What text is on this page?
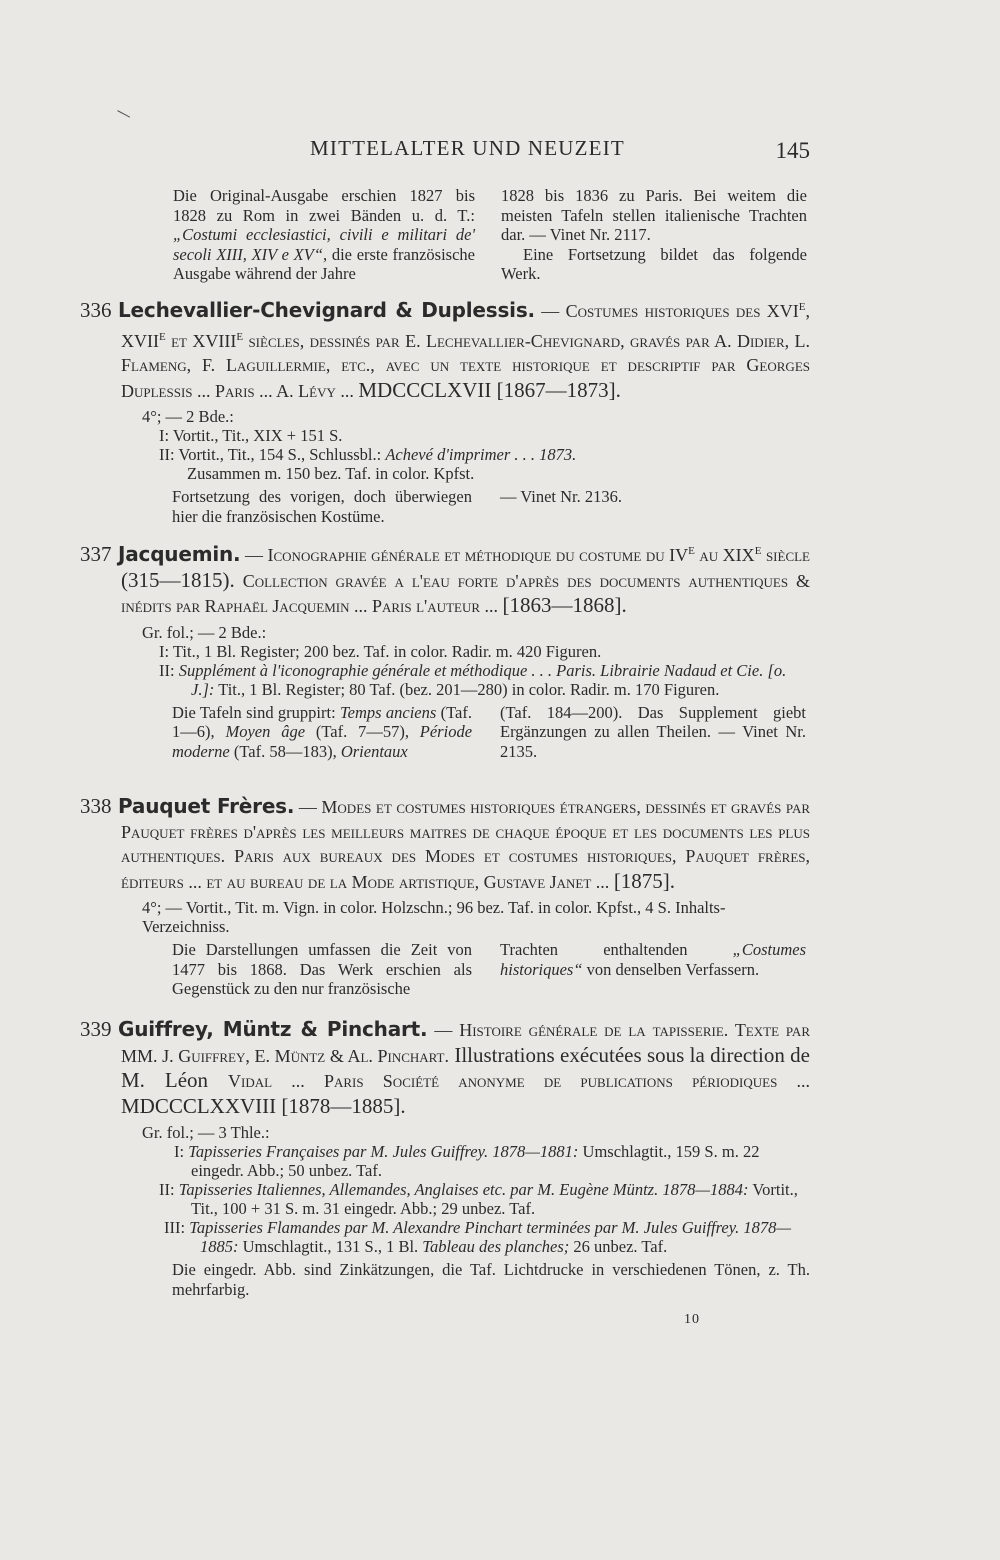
MITTELALTER UND NEUZEIT	145

Die Original-Ausgabe erschien 1827 bis 1828 zu Rom in zwei Bänden u. d. T.: „Costumi ecclesiastici, civili e militari de' secoli XIII, XIV e XV“, die erste französische Ausgabe während der Jahre

1828 bis 1836 zu Paris. Bei weitem die meisten Tafeln stellen italienische Trachten dar. — Vinet Nr. 2117.

Eine Fortsetzung bildet das folgende Werk.

336 Lechevallier-Chevignard & Duplessis. — Costumes historiques des XVIe, XVIIe et XVIIIe siècles, dessinés par E. Lechevallier-Chevignard, gravés par A. Didier, L. Flameng, F. Laguillermie, etc., avec un texte historique et descriptif par Georges Duplessis ... Paris ... A. Lévy ... MDCCCLXVII [1867—1873].
4°; — 2 Bde.:
I: Vortit., Tit., XIX + 151 S.
II: Vortit., Tit., 154 S., Schlussbl.: Achevé d'imprimer . . . 1873.
Zusammen m. 150 bez. Taf. in color. Kpfst.

Fortsetzung des vorigen, doch überwiegen hier die französischen Kostüme.

— Vinet Nr. 2136.

337 Jacquemin. — Iconographie générale et méthodique du costume du IVe au XIXe siècle (315—1815). Collection gravée a l'eau forte d'après des documents authentiques & inédits par Raphaël Jacquemin ... Paris l'auteur ... [1863—1868].
Gr. fol.; — 2 Bde.:
I: Tit., 1 Bl. Register; 200 bez. Taf. in color. Radir. m. 420 Figuren.
II: Supplément à l'iconographie générale et méthodique . . . Paris. Librairie Nadaud et Cie. [o. J.]: Tit., 1 Bl. Register; 80 Taf. (bez. 201—280) in color. Radir. m. 170 Figuren.

Die Tafeln sind gruppirt: Temps anciens (Taf. 1—6), Moyen âge (Taf. 7—57), Période moderne (Taf. 58—183), Orientaux

(Taf. 184—200). Das Supplement giebt Ergänzungen zu allen Theilen. — Vinet Nr. 2135.

338 Pauquet Frères. — Modes et costumes historiques étrangers, dessinés et gravés par Pauquet frères d'après les meilleurs maitres de chaque époque et les documents les plus authentiques. Paris aux bureaux des Modes et costumes historiques, Pauquet frères, éditeurs ... et au bureau de la Mode artistique, Gustave Janet ... [1875].
4°; — Vortit., Tit. m. Vign. in color. Holzschn.; 96 bez. Taf. in color. Kpfst., 4 S. Inhalts-Verzeichniss.

Die Darstellungen umfassen die Zeit von 1477 bis 1868. Das Werk erschien als Gegenstück zu den nur französische

Trachten enthaltenden „Costumes historiques“ von denselben Verfassern.

339 Guiffrey, Müntz & Pinchart. — Histoire générale de la tapisserie. Texte par MM. J. Guiffrey, E. Müntz & Al. Pinchart. Illustrations exécutées sous la direction de M. Léon Vidal ... Paris Société anonyme de publications périodiques ... MDCCCLXXVIII [1878—1885].
Gr. fol.; — 3 Thle.:
I: Tapisseries Françaises par M. Jules Guiffrey. 1878—1881: Umschlagtit., 159 S. m. 22 eingedr. Abb.; 50 unbez. Taf.
II: Tapisseries Italiennes, Allemandes, Anglaises etc. par M. Eugène Müntz. 1878—1884: Vortit., Tit., 100 + 31 S. m. 31 eingedr. Abb.; 29 unbez. Taf.
III: Tapisseries Flamandes par M. Alexandre Pinchart terminées par M. Jules Guiffrey. 1878—1885: Umschlagtit., 131 S., 1 Bl. Tableau des planches; 26 unbez. Taf.
Die eingedr. Abb. sind Zinkätzungen, die Taf. Lichtdrucke in verschiedenen Tönen, z. Th. mehrfarbig.
10
